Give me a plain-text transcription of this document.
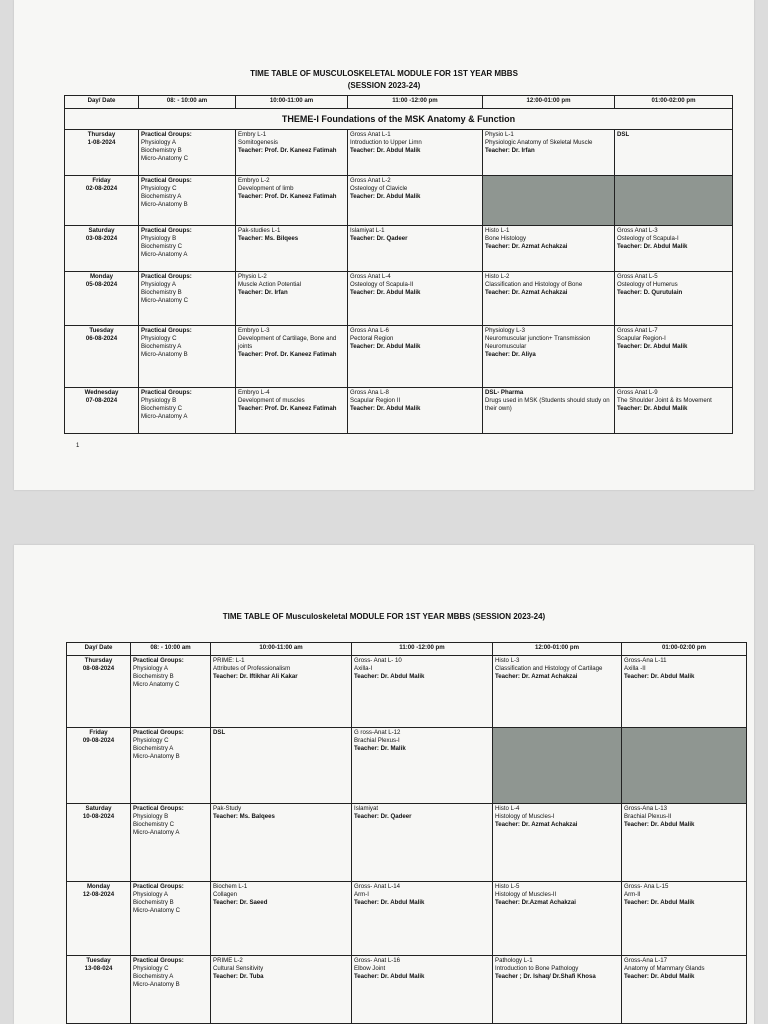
TIME TABLE OF MUSCULOSKELETAL MODULE FOR 1ST YEAR MBBS
(SESSION 2023-24)
Day/ Date	08: - 10:00 am	10:00-11:00 am	11:00 -12:00 pm	12:00-01:00 pm	01:00-02:00 pm
THEME-I Foundations of the MSK Anatomy & Function					

Thursday
1-08-2024	Practical Groups:
Physiology A
Biochemistry B
Micro-Anatomy C	Embry L-1
Somitogenesis
Teacher: Prof. Dr. Kaneez Fatimah	Gross Anat L-1
Introduction to Upper Limn
Teacher: Dr. Abdul Malik	Physio L-1
Physiologic Anatomy of Skeletal Muscle
Teacher: Dr. Irfan	DSL

Friday
02-08-2024	Practical Groups:
Physiology C
Biochemistry A
Micro-Anatomy B	Embryo L-2
Development of limb
Teacher: Prof. Dr. Kaneez Fatimah	Gross Anat L-2
Osteology of Clavicle
Teacher: Dr. Abdul Malik		

Saturday
03-08-2024	Practical Groups:
Physiology B
Biochemistry C
Micro-Anatomy A	Pak-studies L-1
Teacher: Ms. Bilqees	Islamiyat L-1
Teacher: Dr. Qadeer	Histo L-1
Bone Histology
Teacher: Dr. Azmat Achakzai	Gross Anat L-3
Osteology of Scapula-I
Teacher: Dr. Abdul Malik

Monday
05-08-2024	Practical Groups:
Physiology A
Biochemistry B
Micro-Anatomy C	Physio L-2
Muscle Action Potential
Teacher: Dr. Irfan	Gross Anat L-4
Osteology of Scapula-II
Teacher: Dr. Abdul Malik	Histo L-2
Classification and Histology of Bone
Teacher: Dr. Azmat Achakzai	Gross Anat L-5
Osteology of Humerus
Teacher: D. Qurutulain

Tuesday
06-08-2024	Practical Groups:
Physiology C
Biochemistry A
Micro-Anatomy B	Embryo L-3
Development of Cartilage, Bone and joints
Teacher: Prof. Dr. Kaneez Fatimah	Gross Ana L-6
Pectoral Region
Teacher: Dr. Abdul Malik	Physiology L-3
Neuromuscular junction+ Transmission Neuromuscular
Teacher: Dr. Aliya	Gross Anat L-7
Scapular Region-I
Teacher: Dr. Abdul Malik

Wednesday
07-08-2024	Practical Groups:
Physiology B
Biochemistry C
Micro-Anatomy A	Embryo L-4
Development of muscles
Teacher: Prof. Dr. Kaneez Fatimah	Gross Ana L-8
Scapular Region II
Teacher: Dr. Abdul Malik	DSL- Pharma
Drugs used in MSK (Students should study on their own)	Gross Anat L-9
The Shoulder Joint & its Movement
Teacher: Dr. Abdul Malik
1
TIME TABLE OF Musculoskeletal MODULE FOR 1ST YEAR MBBS (SESSION 2023-24)
Day/ Date	08: - 10:00 am	10:00-11:00 am	11:00 -12:00 pm	12:00-01:00 pm	01:00-02:00 pm

Thursday
08-08-2024	Practical Groups:
Physiology A
Biochemistry B
Micro Anatomy C	PRIME: L-1
Attributes of Professionalism
Teacher: Dr. Iftikhar Ali Kakar	Gross- Anat L- 10
Axilla-I
Teacher: Dr. Abdul Malik	Histo L-3
Classification and Histology of Cartilage
Teacher: Dr. Azmat Achakzai	Gross-Ana L-11
Axilla -II
Teacher: Dr. Abdul Malik

Friday
09-08-2024	Practical Groups:
Physiology C
Biochemistry A
Micro-Anatomy B	DSL	G ross-Anat L-12
Brachial Plexus-I
Teacher: Dr. Malik		

Saturday
10-08-2024	Practical Groups:
Physiology B
Biochemistry C
Micro-Anatomy A	Pak-Study
Teacher: Ms. Balqees	Islamiyat
Teacher: Dr. Qadeer	Histo L-4
Histology of Muscles-I
Teacher: Dr. Azmat Achakzai	Gross-Ana L-13
Brachial Plexus-II
Teacher: Dr. Abdul Malik

Monday
12-08-2024	Practical Groups:
Physiology A
Biochemistry B
Micro-Anatomy C	Biochem L-1
Collagen
Teacher: Dr. Saeed	Gross- Anat L-14
Arm-I
Teacher: Dr. Abdul Malik	Histo L-5
Histology of Muscles-II
Teacher: Dr.Azmat Achakzai	Gross- Ana L-15
Arm-II
Teacher: Dr. Abdul Malik

Tuesday
13-08-024	Practical Groups:
Physiology C
Biochemistry A
Micro-Anatomy B	PRIME L-2
Cultural Sensitivity
Teacher: Dr. Tuba	Gross- Anat L-16
Elbow Joint
Teacher: Dr. Abdul Malik	Pathology L-1
Introduction to Bone Pathology
Teacher ; Dr. Ishaq/ Dr.Shafi Khosa	Gross-Ana L-17
Anatomy of Mammary Glands
Teacher: Dr. Abdul Malik
